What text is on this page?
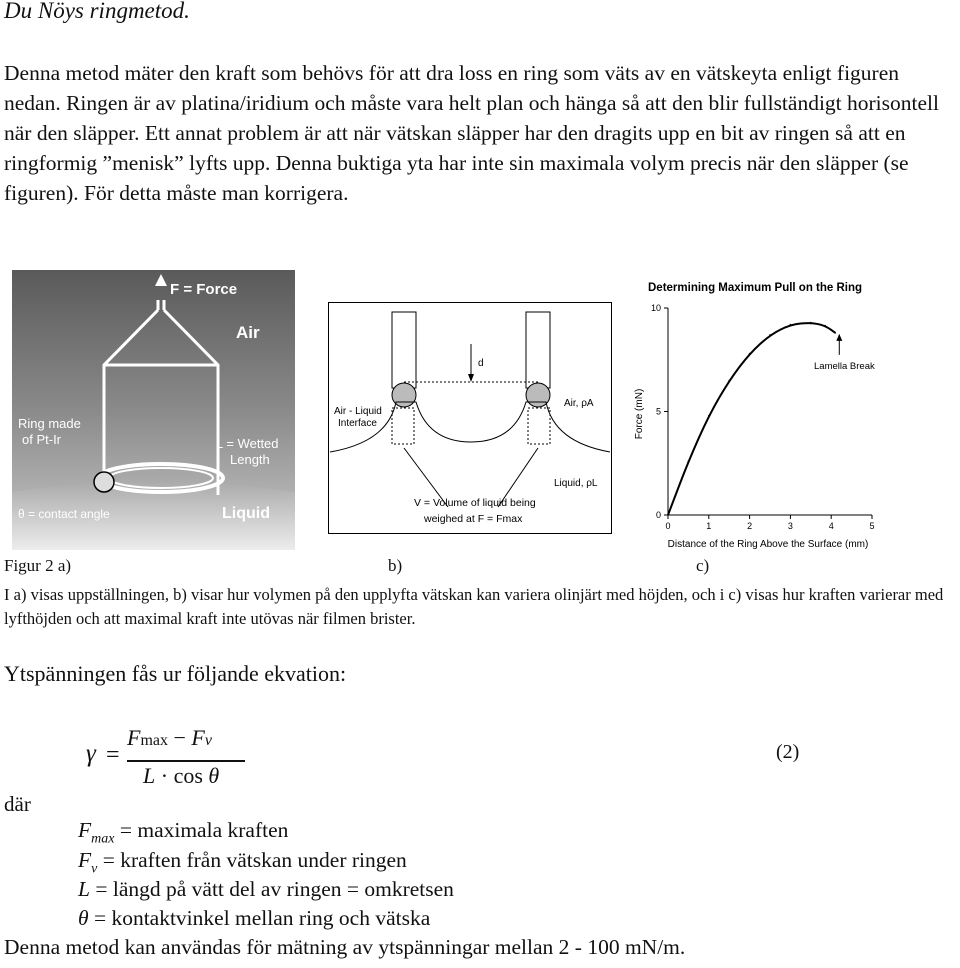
Du Nöys ringmetod.
Denna metod mäter den kraft som behövs för att dra loss en ring som väts av en vätskeyta enligt figuren nedan. Ringen är av platina/iridium och måste vara helt plan och hänga så att den blir fullständigt horisontell när den släpper. Ett annat problem är att när vätskan släpper har den dragits upp en bit av ringen så att en ringformig ”menisk” lyfts upp. Denna buktiga yta har inte sin maximala volym precis när den släpper (se figuren). För detta måste man korrigera.
F = Force
Air
Ring made
of Pt-Ir	L = Wetted
Length
θ = contact angle	Liquid
d
Air - Liquid
Interface
Air, ρA
Liquid, ρL
V = Volume of liquid being
weighed at F = Fmax
Determining Maximum Pull on the Ring
Distance of the Ring Above the Surface (mm)
Force (mN)
Lamella Break
0	1	2	3	4	5
0
5
10
Figur 2 a)	b)	c)
I a) visas uppställningen, b) visar hur volymen på den upplyfta vätskan kan variera olinjärt med höjden, och i c) visas hur kraften varierar med lyfthöjden och att maximal kraft inte utövas när filmen brister.
Ytspänningen fås ur följande ekvation:
γ =
Fmax − Fv
L · cos θ
(2)
där
$F_{max}$ = maximala kraften
$F_v$ = kraften från vätskan under ringen
L = längd på vätt del av ringen = omkretsen
θ = kontaktvinkel mellan ring och vätska
Denna metod kan användas för mätning av ytspänningar mellan 2 - 100 mN/m.
